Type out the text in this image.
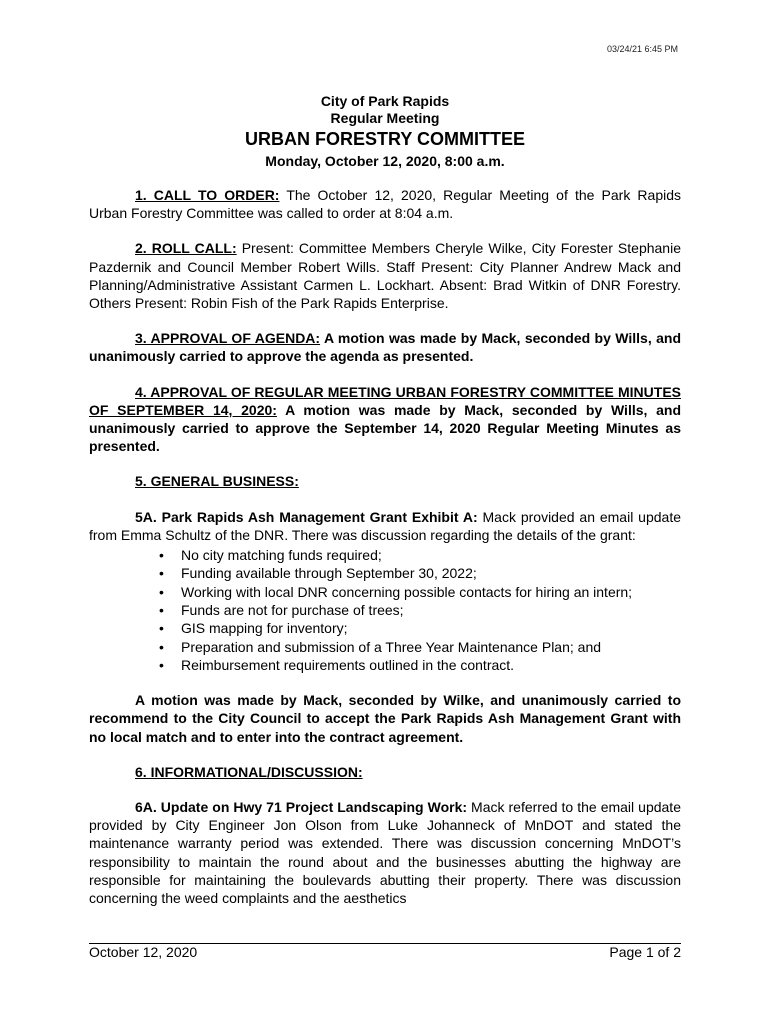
03/24/21 6:45 PM
City of Park Rapids
Regular Meeting
URBAN FORESTRY COMMITTEE
Monday, October 12, 2020, 8:00 a.m.

1. CALL TO ORDER: The October 12, 2020, Regular Meeting of the Park Rapids Urban Forestry Committee was called to order at 8:04 a.m.

2. ROLL CALL: Present: Committee Members Cheryle Wilke, City Forester Stephanie Pazdernik and Council Member Robert Wills. Staff Present: City Planner Andrew Mack and Planning/Administrative Assistant Carmen L. Lockhart. Absent: Brad Witkin of DNR Forestry. Others Present: Robin Fish of the Park Rapids Enterprise.

3. APPROVAL OF AGENDA: A motion was made by Mack, seconded by Wills, and unanimously carried to approve the agenda as presented.

4. APPROVAL OF REGULAR MEETING URBAN FORESTRY COMMITTEE MINUTES OF SEPTEMBER 14, 2020: A motion was made by Mack, seconded by Wills, and unanimously carried to approve the September 14, 2020 Regular Meeting Minutes as presented.

5. GENERAL BUSINESS:

5A. Park Rapids Ash Management Grant Exhibit A: Mack provided an email update from Emma Schultz of the DNR. There was discussion regarding the details of the grant:

• No city matching funds required;
• Funding available through September 30, 2022;
• Working with local DNR concerning possible contacts for hiring an intern;
• Funds are not for purchase of trees;
• GIS mapping for inventory;
• Preparation and submission of a Three Year Maintenance Plan; and
• Reimbursement requirements outlined in the contract.

A motion was made by Mack, seconded by Wilke, and unanimously carried to recommend to the City Council to accept the Park Rapids Ash Management Grant with no local match and to enter into the contract agreement.

6. INFORMATIONAL/DISCUSSION:

6A. Update on Hwy 71 Project Landscaping Work: Mack referred to the email update provided by City Engineer Jon Olson from Luke Johanneck of MnDOT and stated the maintenance warranty period was extended. There was discussion concerning MnDOT’s responsibility to maintain the round about and the businesses abutting the highway are responsible for maintaining the boulevards abutting their property. There was discussion concerning the weed complaints and the aesthetics

October 12, 2020	Page 1 of 2
